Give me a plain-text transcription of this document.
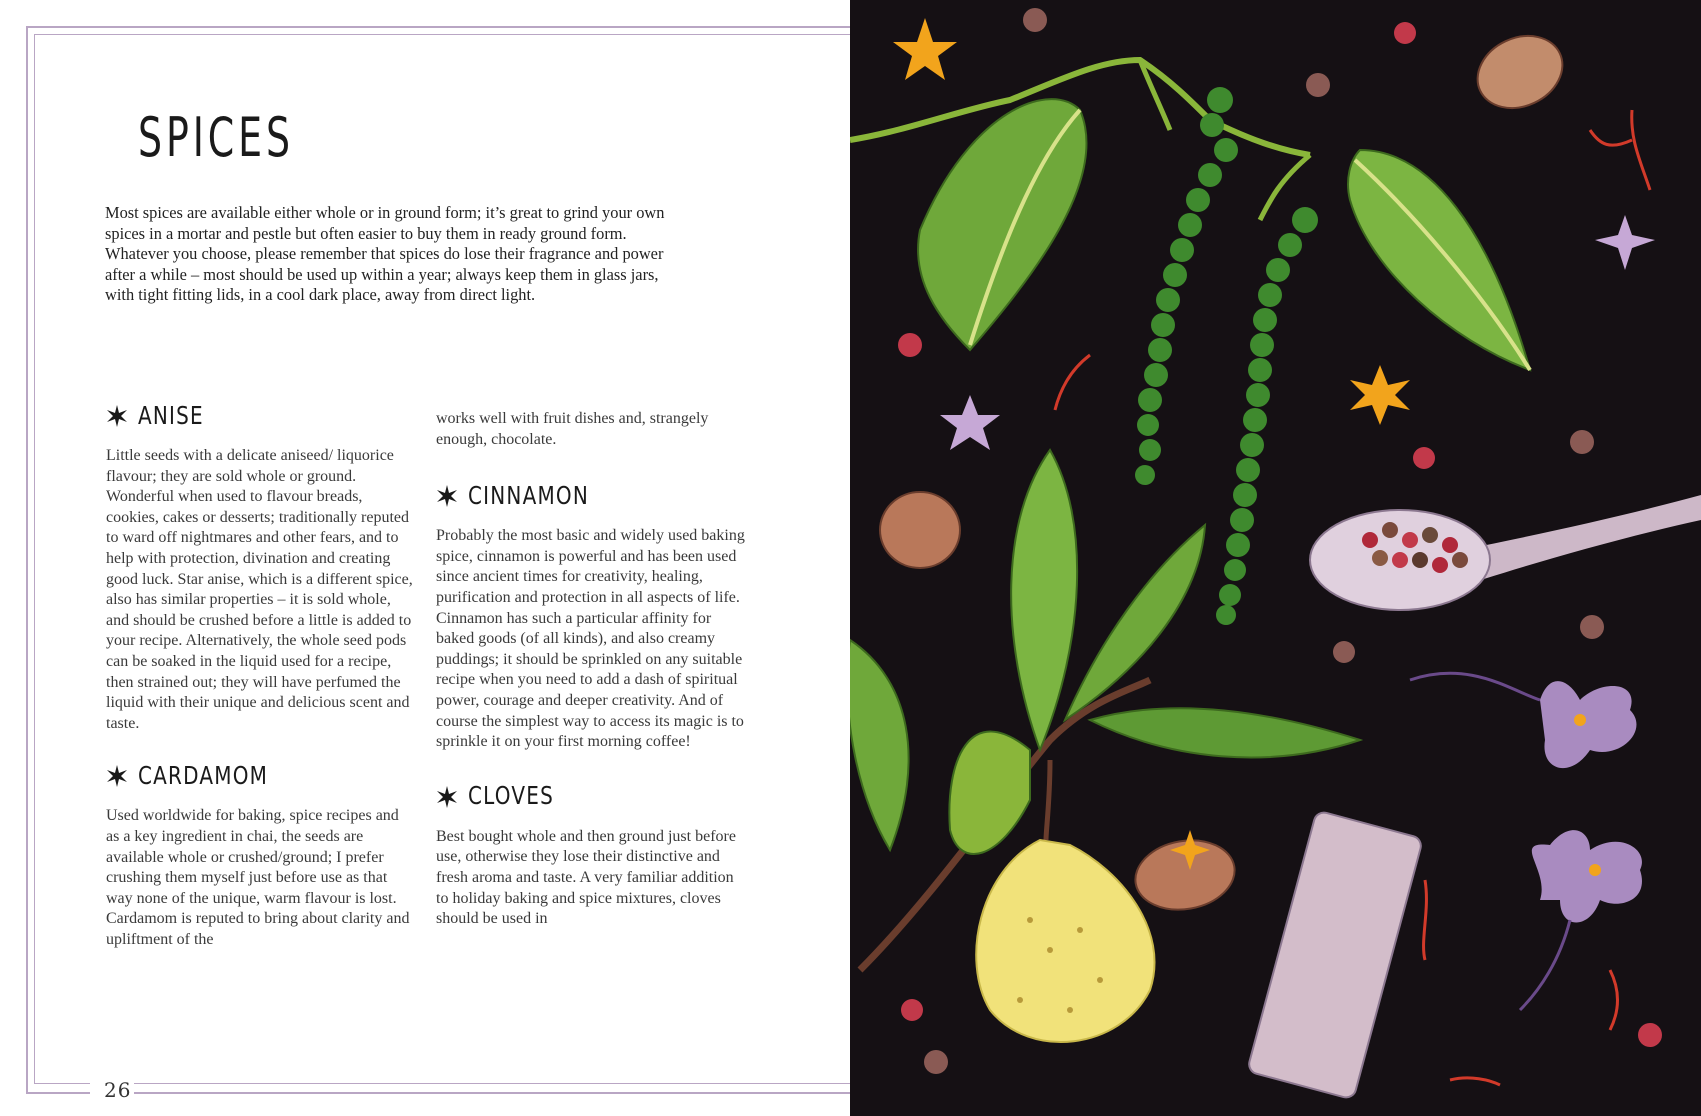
26
SPICES

Most spices are available either whole or in ground form; it’s great to grind your own spices in a mortar and pestle but often easier to buy them in ready ground form. Whatever you choose, please remember that spices do lose their fragrance and power after a while – most should be used up within a year; always keep them in glass jars, with tight fitting lids, in a cool dark place, away from direct light.

ANISE

Little seeds with a delicate aniseed/ liquorice flavour; they are sold whole or ground. Wonderful when used to flavour breads, cookies, cakes or desserts; traditionally reputed to ward off nightmares and other fears, and to help with protection, divination and creating good luck. Star anise, which is a different spice, also has similar properties – it is sold whole, and should be crushed before a little is added to your recipe. Alternatively, the whole seed pods can be soaked in the liquid used for a recipe, then strained out; they will have perfumed the liquid with their unique and delicious scent and taste.

CARDAMOM

Used worldwide for baking, spice recipes and as a key ingredient in chai, the seeds are available whole or crushed/ground; I prefer crushing them myself just before use as that way none of the unique, warm flavour is lost. Cardamom is reputed to bring about clarity and upliftment of the

works well with fruit dishes and, strangely enough, chocolate.

CINNAMON

Probably the most basic and widely used baking spice, cinnamon is powerful and has been used since ancient times for creativity, healing, purification and protection in all aspects of life. Cinnamon has such a particular affinity for baked goods (of all kinds), and also creamy puddings; it should be sprinkled on any suitable recipe when you need to add a dash of spiritual power, courage and deeper creativity. And of course the simplest way to access its magic is to sprinkle it on your first morning coffee!

CLOVES

Best bought whole and then ground just before use, otherwise they lose their distinctive and fresh aroma and taste. A very familiar addition to holiday baking and spice mixtures, cloves should be used in
